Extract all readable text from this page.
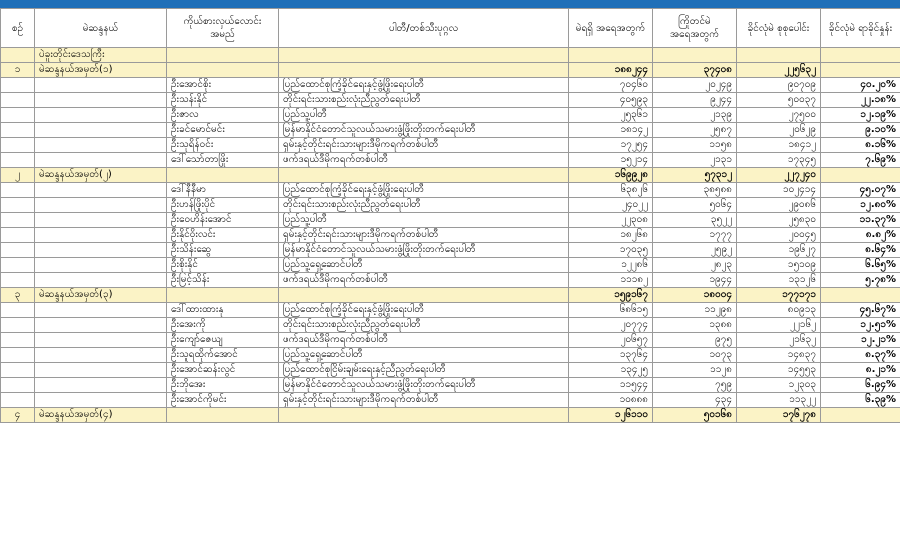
စဉ်	မဲဆန္ဒနယ်	ကိုယ်စားလှယ်လောင်း အမည်	ပါတီ/တစ်သီးပုဂ္ဂလ	မဲရရှိ အရေအတွက်	ကြိုတင်မဲ အရေအတွက်	ခိုင်လုံမဲ စုစုပေါင်း	ခိုင်လုံမဲ ရာခိုင်နှုန်း
	ပဲခူးတိုင်းဒေသကြီး						
၁	မဲဆန္ဒနယ်အမှတ်(၁)			၁၈၈၂၄၄	၃၇၄၀၈	၂၂၅၆၃၂	
		ဦးအောင်စိုး	ပြည်ထောင်စုကြံ့ခိုင်ရေးနှင့်ဖွံ့ဖြိုးရေးပါတီ	၇၀၄၆၀	၂၀၂၄၉	၉၀၇၀၉	၄၀.၂၀%
		ဦးသန်းနိုင်	တိုင်းရင်းသားစည်းလုံးညီညွတ်ရေးပါတီ	၄၀၅၉၃	၉၂၄၄	၅၀၀၃၇	၂၂.၁၈%
		ဦးဇာလ	ပြည်သူ့ပါတီ	၂၅၃၆၁	၂၁၃၉	၂၇၅၀၀	၁၂.၁၉%
		ဦးခင်မောင်မင်း	မြန်မာနိုင်ငံတောင်သူလယ်သမားဖွံ့ဖြိုးတိုးတက်ရေးပါတီ	၁၈၁၄၂	၂၅၈၇	၂၀၆၂၉	၉.၁၀%
		ဦးသုရိန်ဝင်း	ရှမ်းနှင့်တိုင်းရင်းသားများဒီမိုကရက်တစ်ပါတီ	၁၇၂၅၄	၁၁၅၈	၁၈၄၁၂	၈.၁၆%
		ဒေါ်သော်တာဖြိုး	ဖက်ဒရယ်ဒီမိုကရက်တစ်ပါတီ	၁၅၂၁၄	၂၁၃၁	၁၇၃၄၅	၇.၆၉%
၂	မဲဆန္ဒနယ်အမှတ်(၂)			၁၆၉၉၂၈	၅၇၃၁၂	၂၂၇၂၄၀	
		ဒေါ်နီနီမာ	ပြည်ထောင်စုကြံ့ခိုင်ရေးနှင့်ဖွံ့ဖြိုးရေးပါတီ	၆၃၈၂၆	၃၈၅၈၈	၁၀၂၄၁၄	၄၅.၀၇%
		ဦးဟန်ဖြိုးပိုင်	တိုင်းရင်းသားစည်းလုံးညီညွတ်ရေးပါတီ	၂၄၀၂၂	၅၀၆၄	၂၉၀၈၆	၁၂.၈၀%
		ဦးဝေဟိန်းအောင်	ပြည်သူ့ပါတီ	၂၂၃၀၈	၃၅၂၂	၂၅၈၃၀	၁၁.၃၇%
		ဦးနိုင်ဝိုးလင်း	ရှမ်းနှင့်တိုင်းရင်းသားများဒီမိုကရက်တစ်ပါတီ	၁၈၂၆၈	၁၇၇၇	၂၀၀၄၅	၈.၈၂%
		ဦးသိန်းဆွေ	မြန်မာနိုင်ငံတောင်သူလယ်သမားဖွံ့ဖြိုးတိုးတက်ရေးပါတီ	၁၇၀၃၅	၂၅၉၂	၁၉၆၂၇	၈.၆၄%
		ဦးစိုးနိုင်	ပြည်သူ့ရှေ့ဆောင်ပါတီ	၁၂၂၈၆	၂၈၂၃	၁၅၁၀၉	၆.၆၅%
		ဦးမြင့်သိန်း	ဖက်ဒရယ်ဒီမိုကရက်တစ်ပါတီ	၁၁၁၈၂	၁၉၄၄	၁၃၁၂၆	၅.၇၈%
၃	မဲဆန္ဒနယ်အမှတ်(၃)			၁၅၉၁၆၇	၁၈၀၀၄	၁၇၇၁၇၁	
		ဒေါ်ထားထားနု	ပြည်ထောင်စုကြံ့ခိုင်ရေးနှင့်ဖွံ့ဖြိုးရေးပါတီ	၆၈၆၁၅	၁၁၂၉၈	၈၀၉၁၃	၄၅.၆၇%
		ဦးအေးကို	တိုင်းရင်းသားစည်းလုံးညီညွတ်ရေးပါတီ	၂၀၇၇၄	၁၃၈၈	၂၂၁၆၂	၁၂.၅၁%
		ဦးကျော်ဇေယျ	ဖက်ဒရယ်ဒီမိုကရက်တစ်ပါတီ	၂၀၆၅၇	၉၇၅	၂၁၆၃၂	၁၂.၂၁%
		ဦးသူရထိုက်အောင်	ပြည်သူ့ရှေ့ဆောင်ပါတီ	၁၃၇၆၄	၁၀၇၃	၁၄၈၃၇	၈.၃၇%
		ဦးအောင်ဆန်းလွင်	ပြည်ထောင်စုငြိမ်းချမ်းရေးနှင့်ညီညွတ်ရေးပါတီ	၁၃၄၂၅	၁၁၂၈	၁၄၅၅၃	၈.၂၁%
		ဦးဘိုအေး	မြန်မာနိုင်ငံတောင်သူလယ်သမားဖွံ့ဖြိုးတိုးတက်ရေးပါတီ	၁၁၅၄၄	၇၅၉	၁၂၃၀၃	၆.၉၄%
		ဦးအောင်ကိုမင်း	ရှမ်းနှင့်တိုင်းရင်းသားများဒီမိုကရက်တစ်ပါတီ	၁၀၈၈၈	၄၃၄	၁၁၃၂၂	၆.၃၉%
၄	မဲဆန္ဒနယ်အမှတ်(၄)			၁၂၆၁၁၀	၅၀၁၆၈	၁၇၆၂၇၈	
